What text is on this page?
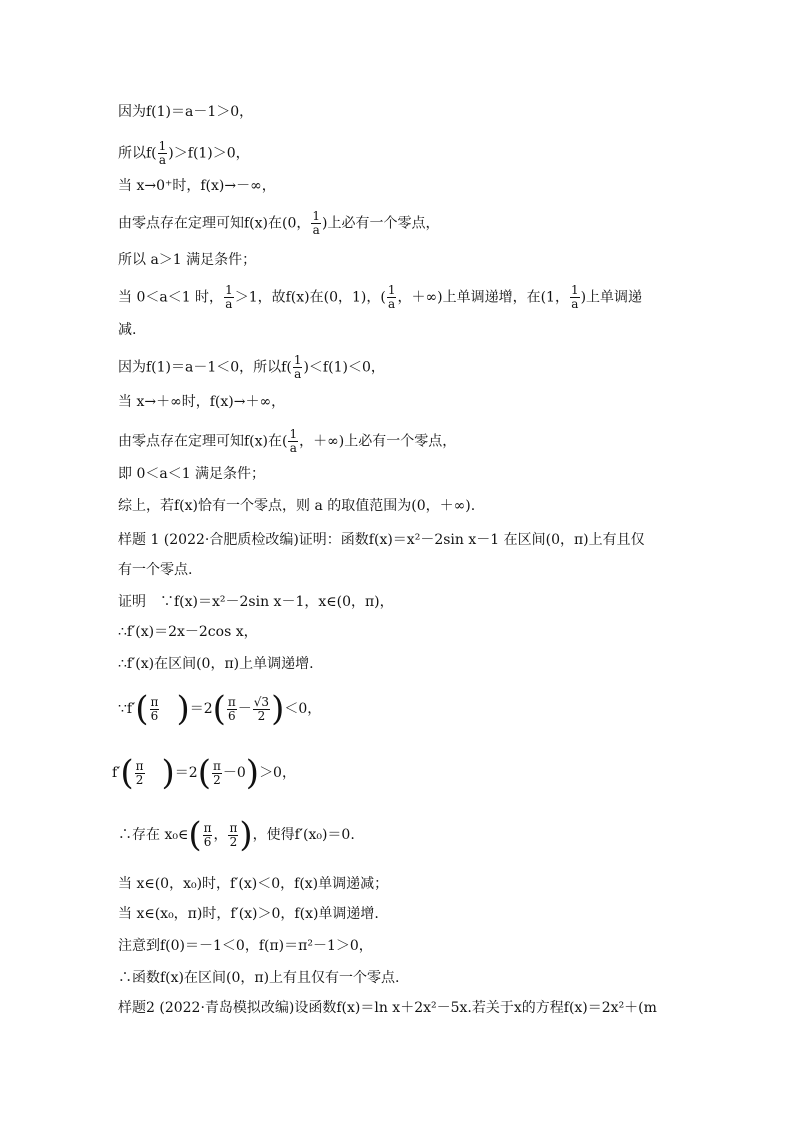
因为f(1)＝a－1＞0，
所以$f( \frac{1}{a} )>f(1)>0$，
当 x→0⁺时，f(x)→－∞，
由零点存在定理可知f(x)在(0， $\frac{1}{a}$ )上必有一个零点，
所以 a＞1 满足条件；
当 0＜a＜1 时， $\frac{1}{a} >1$，故f(x)在(0，1)，( $\frac{1}{a}$ ，＋∞)上单调递增，在(1， $\frac{1}{a}$ )上单调递
减.
因为f(1)＝a－1＜0，所以$f( \frac{1}{a} )<f(1)<0$，
当 x→＋∞时，f(x)→＋∞，
由零点存在定理可知f(x)在( $\frac{1}{a}$ ，＋∞)上必有一个零点，
即 0＜a＜1 满足条件；
综上，若f(x)恰有一个零点，则 a 的取值范围为(0，＋∞).
样题 1 (2022·合肥质检改编)证明：函数f(x)＝x²－2sin x－1 在区间(0，π)上有且仅
有一个零点.
证明　∵f(x)＝x²－2sin x－1，x∈(0，π)，
∴f′(x)＝2x－2cos x，
∴f′(x)在区间(0，π)上单调递增.
∵f′( $\frac{\pi}{6} )=2( \frac{\pi}{6} - \frac{√3}{2} )<0$，
$f'( \frac{\pi}{2} )=2( \frac{\pi}{2} -0)>0$，
∴存在 x₀∈( $\frac{\pi}{6}$ ， $\frac{\pi}{2}$ )，使得f′(x₀)＝0.
当 x∈(0，x₀)时，f′(x)＜0，f(x)单调递减；
当 x∈(x₀，π)时，f′(x)＞0，f(x)单调递增.
注意到f(0)＝－1＜0，f(π)＝π²－1＞0，
∴函数f(x)在区间(0，π)上有且仅有一个零点.
样题2 (2022·青岛模拟改编)设函数f(x)＝ln x＋2x²－5x.若关于x的方程f(x)＝2x²＋(m
